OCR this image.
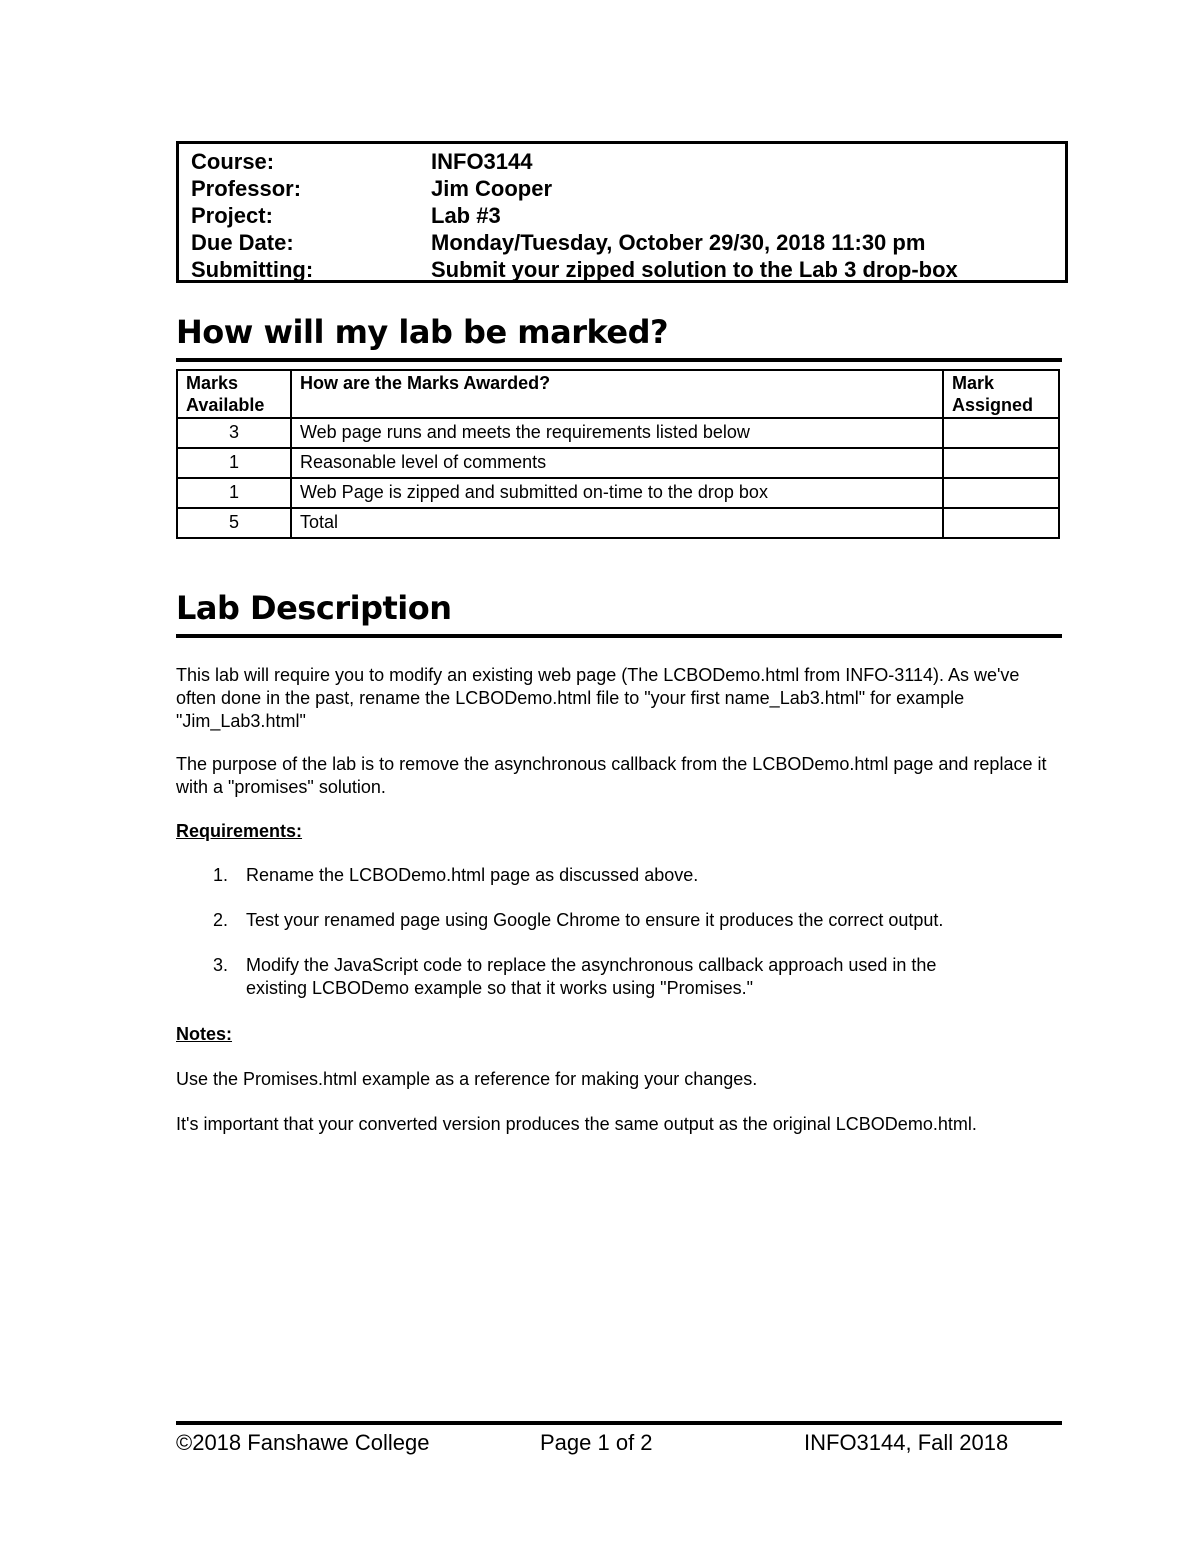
Course:	INFO3144
Professor:	Jim Cooper
Project:	Lab #3
Due Date:	Monday/Tuesday, October 29/30, 2018 11:30 pm
Submitting:	Submit your zipped solution to the Lab 3 drop-box
How will my lab be marked?
Marks Available	How are the Marks Awarded?	Mark Assigned
3	Web page runs and meets the requirements listed below	
1	Reasonable level of comments	
1	Web Page is zipped and submitted on-time to the drop box	
5	Total	
Lab Description
This lab will require you to modify an existing web page (The LCBODemo.html from INFO-3114). As we've often done in the past, rename the LCBODemo.html file to "your first name_Lab3.html" for example "Jim_Lab3.html"
The purpose of the lab is to remove the asynchronous callback from the LCBODemo.html page and replace it with a "promises" solution.
Requirements:
1.	Rename the LCBODemo.html page as discussed above.
2.	Test your renamed page using Google Chrome to ensure it produces the correct output.
3.	Modify the JavaScript code to replace the asynchronous callback approach used in the existing LCBODemo example so that it works using "Promises."
Notes:
Use the Promises.html example as a reference for making your changes.
It's important that your converted version produces the same output as the original LCBODemo.html.
©2018 Fanshawe College	Page 1 of 2	INFO3144, Fall 2018
